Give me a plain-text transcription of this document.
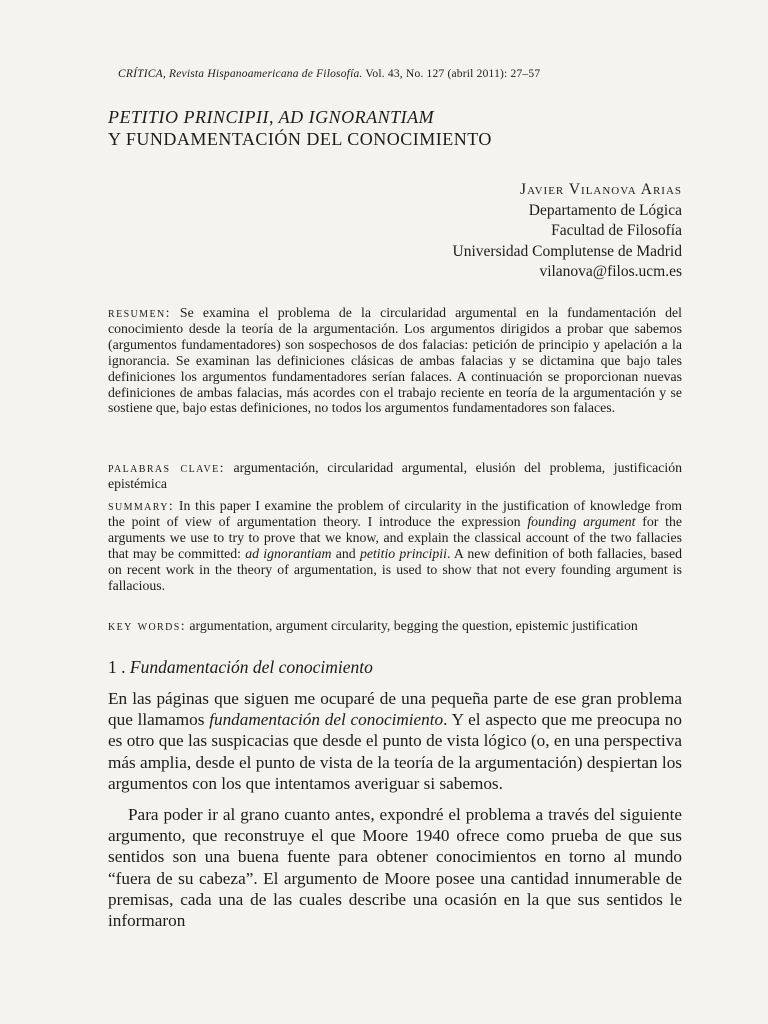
CRÍTICA, Revista Hispanoamericana de Filosofía. Vol. 43, No. 127 (abril 2011): 27–57
PETITIO PRINCIPII, AD IGNORANTIAM
Y FUNDAMENTACIÓN DEL CONOCIMIENTO
Javier Vilanova Arias
Departamento de Lógica
Facultad de Filosofía
Universidad Complutense de Madrid
vilanova@filos.ucm.es
resumen: Se examina el problema de la circularidad argumental en la fundamentación del conocimiento desde la teoría de la argumentación. Los argumentos dirigidos a probar que sabemos (argumentos fundamentadores) son sospechosos de dos falacias: petición de principio y apelación a la ignorancia. Se examinan las definiciones clásicas de ambas falacias y se dictamina que bajo tales definiciones los argumentos fundamentadores serían falaces. A continuación se proporcionan nuevas definiciones de ambas falacias, más acordes con el trabajo reciente en teoría de la argumentación y se sostiene que, bajo estas definiciones, no todos los argumentos fundamentadores son falaces.
palabras clave: argumentación, circularidad argumental, elusión del problema, justificación epistémica
summary: In this paper I examine the problem of circularity in the justification of knowledge from the point of view of argumentation theory. I introduce the expression founding argument for the arguments we use to try to prove that we know, and explain the classical account of the two fallacies that may be committed: ad ignorantiam and petitio principii. A new definition of both fallacies, based on recent work in the theory of argumentation, is used to show that not every founding argument is fallacious.
key words: argumentation, argument circularity, begging the question, epistemic justification
1 . Fundamentación del conocimiento
En las páginas que siguen me ocuparé de una pequeña parte de ese gran problema que llamamos fundamentación del conocimiento. Y el aspecto que me preocupa no es otro que las suspicacias que desde el punto de vista lógico (o, en una perspectiva más amplia, desde el punto de vista de la teoría de la argumentación) despiertan los argumentos con los que intentamos averiguar si sabemos.
Para poder ir al grano cuanto antes, expondré el problema a través del siguiente argumento, que reconstruye el que Moore 1940 ofrece como prueba de que sus sentidos son una buena fuente para obtener conocimientos en torno al mundo “fuera de su cabeza”. El argumento de Moore posee una cantidad innumerable de premisas, cada una de las cuales describe una ocasión en la que sus sentidos le informaron
